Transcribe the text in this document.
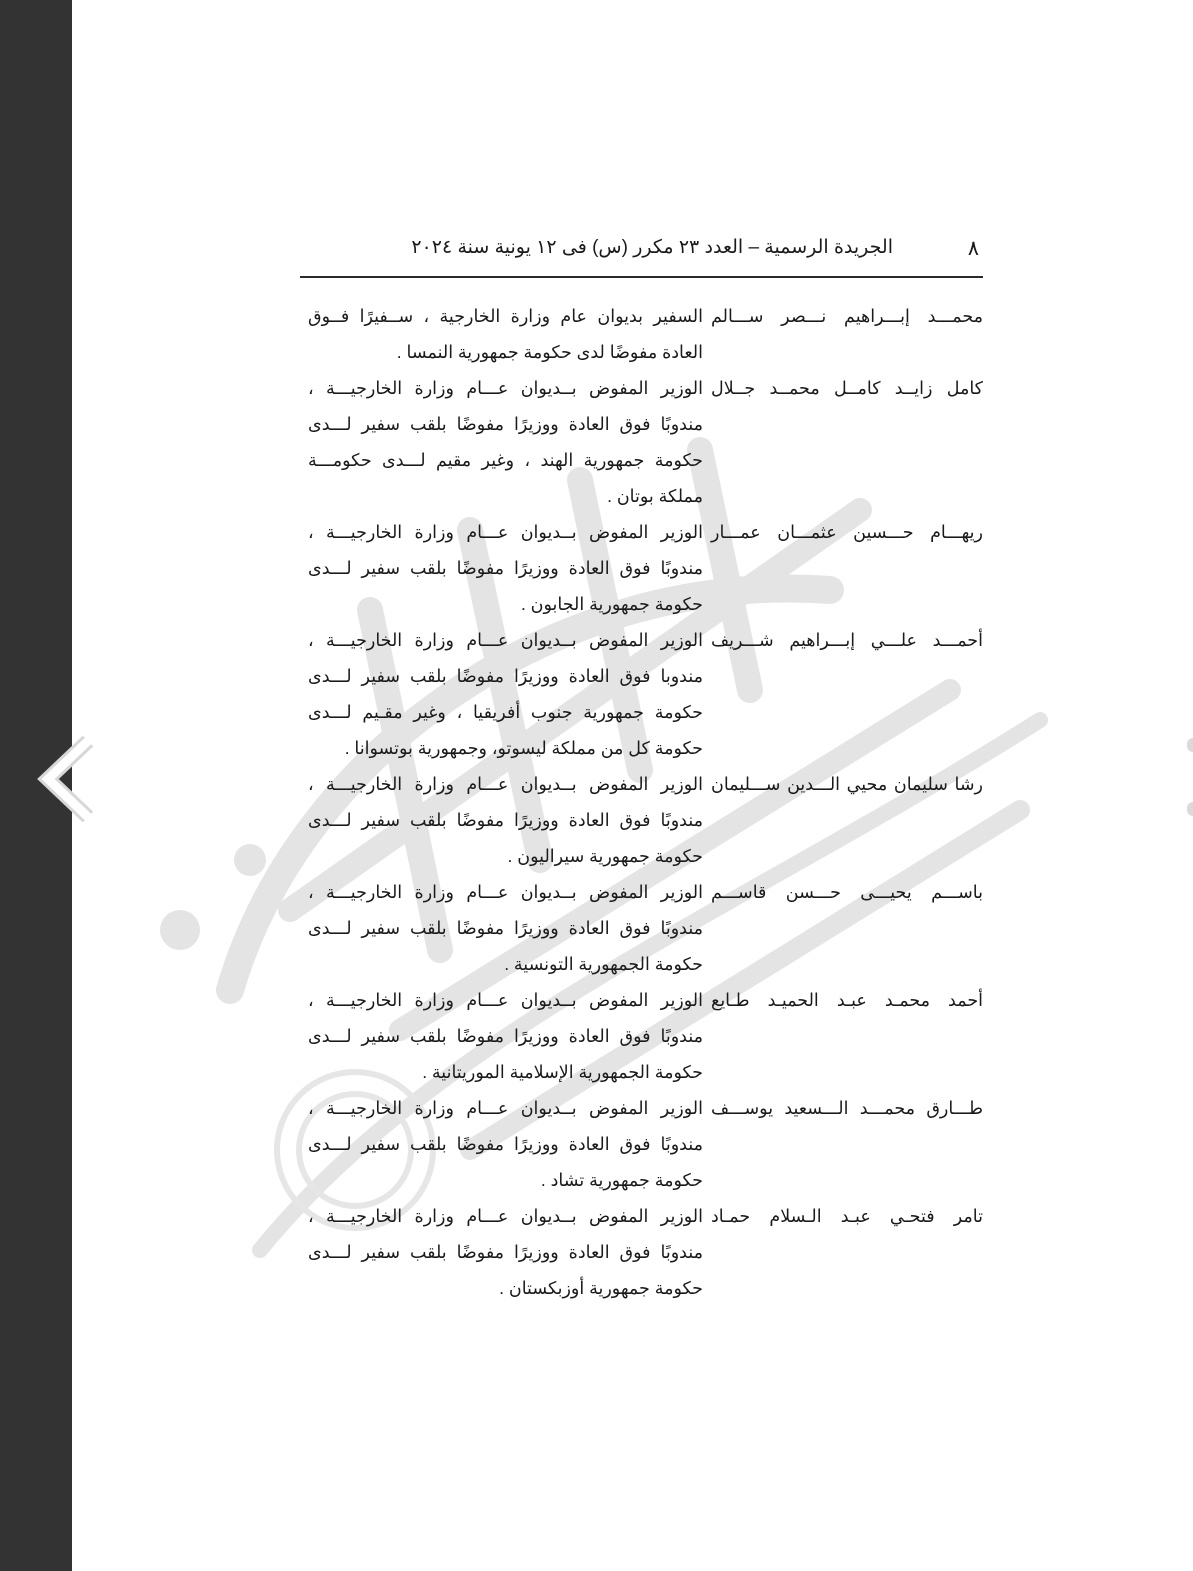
٨
الجريدة الرسمية – العدد ٢٣ مكرر (س) فى ١٢ يونية سنة ٢٠٢٤
محمـــد إبـــراهيم نـــصر ســـالم
السفير بديوان عام وزارة الخارجية ، ســفيرًا فــوق
العادة مفوضًا لدى حكومة جمهورية النمسا .
كامل زايــد كامــل محمــد جــلال
الوزير المفوض بــديوان عـــام وزارة الخارجيـــة ،
مندوبًا فوق العادة ووزيرًا مفوضًا بلقب سفير لـــدى
حكومة جمهورية الهند ، وغير مقيم لـــدى حكومـــة
مملكة بوتان .
ريهـــام حـــسين عثمـــان عمـــار
الوزير المفوض بــديوان عـــام وزارة الخارجيـــة ،
مندوبًا فوق العادة ووزيرًا مفوضًا بلقب سفير لـــدى
حكومة جمهورية الجابون .
أحمـــد علـــي إبـــراهيم شـــريف
الوزير المفوض بــديوان عـــام وزارة الخارجيـــة ،
مندوبا فوق العادة ووزيرًا مفوضًا بلقب سفير لـــدى
حكومة جمهورية جنوب أفريقيا ، وغير مقـيم لـــدى
حكومة كل من مملكة ليسوتو، وجمهورية بوتسوانا .
رشا سليمان محيي الـــدين ســـليمان
الوزير المفوض بــديوان عـــام وزارة الخارجيـــة ،
مندوبًا فوق العادة ووزيرًا مفوضًا بلقب سفير لـــدى
حكومة جمهورية سيراليون .
باســـم يحيـــى حـــسن قاســـم
الوزير المفوض بــديوان عـــام وزارة الخارجيـــة ،
مندوبًا فوق العادة ووزيرًا مفوضًا بلقب سفير لـــدى
حكومة الجمهورية التونسية .
أحمد محمـد عبـد الحميـد طـايع
الوزير المفوض بــديوان عـــام وزارة الخارجيـــة ،
مندوبًا فوق العادة ووزيرًا مفوضًا بلقب سفير لـــدى
حكومة الجمهورية الإسلامية الموريتانية .
طـــارق محمـــد الـــسعيد يوســـف
الوزير المفوض بــديوان عـــام وزارة الخارجيـــة ،
مندوبًا فوق العادة ووزيرًا مفوضًا بلقب سفير لـــدى
حكومة جمهورية تشاد .
تامر فتحـي عبـد الـسلام حمـاد
الوزير المفوض بــديوان عـــام وزارة الخارجيـــة ،
مندوبًا فوق العادة ووزيرًا مفوضًا بلقب سفير لـــدى
حكومة جمهورية أوزبكستان .
